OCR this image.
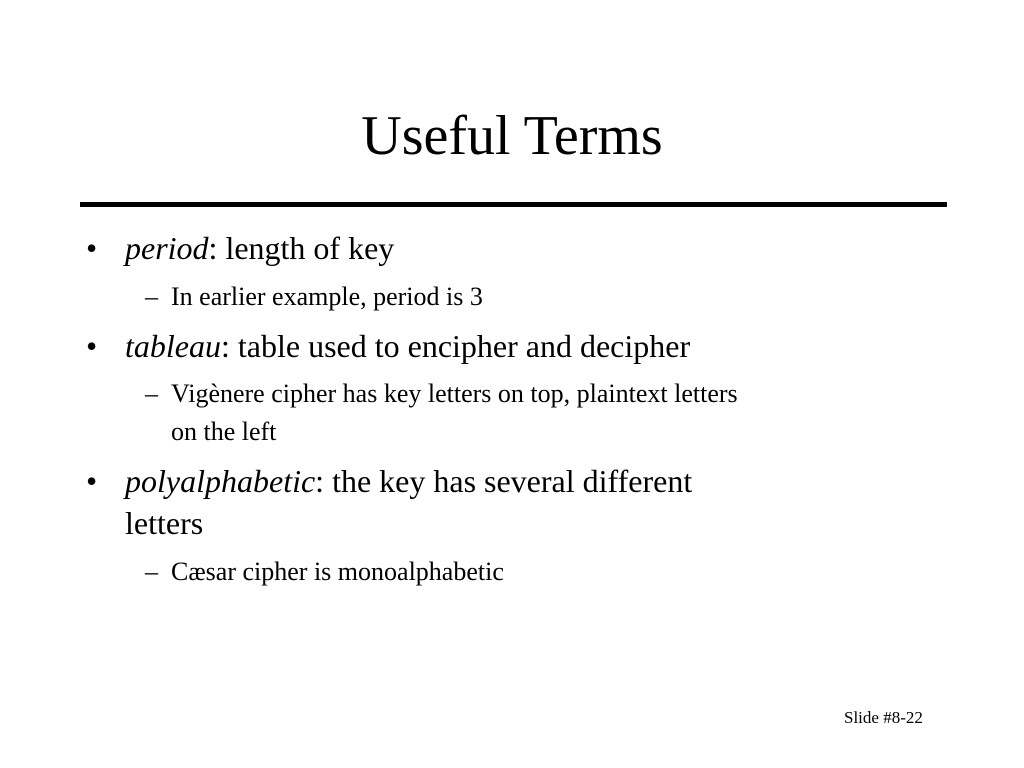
Useful Terms
• period: length of key
– In earlier example, period is 3
• tableau: table used to encipher and decipher
– Vigènere cipher has key letters on top, plaintext letters
on the left
• polyalphabetic: the key has several different
letters
– Cæsar cipher is monoalphabetic
Slide #8-22
